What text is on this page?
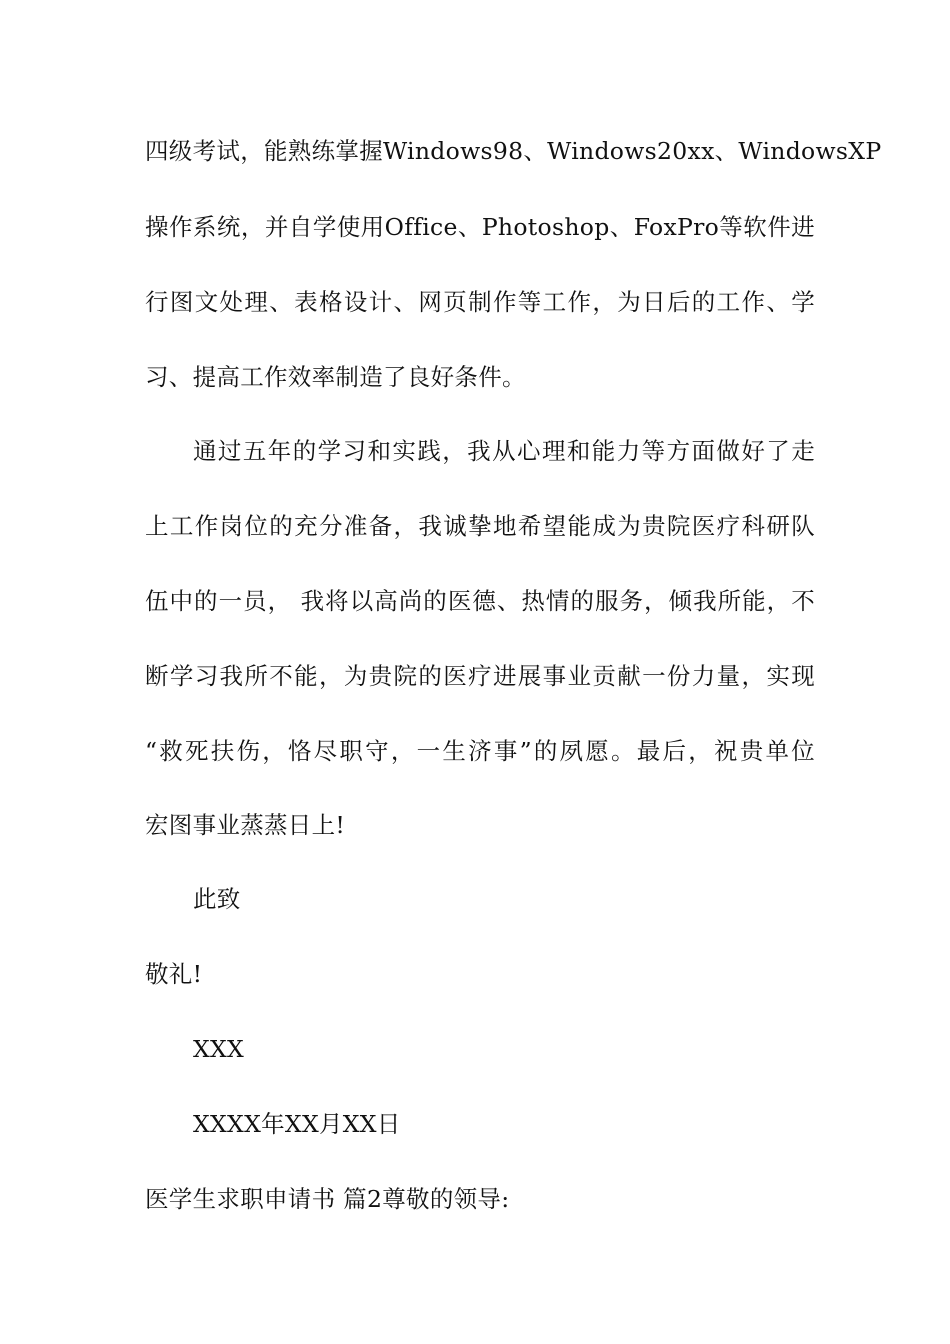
四级考试，能熟练掌握Windows98、Windows20xx、WindowsXP
操作系统，并自学使用Office、Photoshop、FoxPro等软件进
行图文处理、表格设计、网页制作等工作，为日后的工作、学
习、提高工作效率制造了良好条件。
通过五年的学习和实践，我从心理和能力等方面做好了走
上工作岗位的充分准备，我诚挚地希望能成为贵院医疗科研队
伍中的一员， 我将以高尚的医德、热情的服务，倾我所能，不
断学习我所不能，为贵院的医疗进展事业贡献一份力量，实现
“救死扶伤，恪尽职守，一生济事”的夙愿。最后，祝贵单位
宏图事业蒸蒸日上!
此致
敬礼!
XXX
XXXX年XX月XX日
医学生求职申请书 篇2尊敬的领导:
